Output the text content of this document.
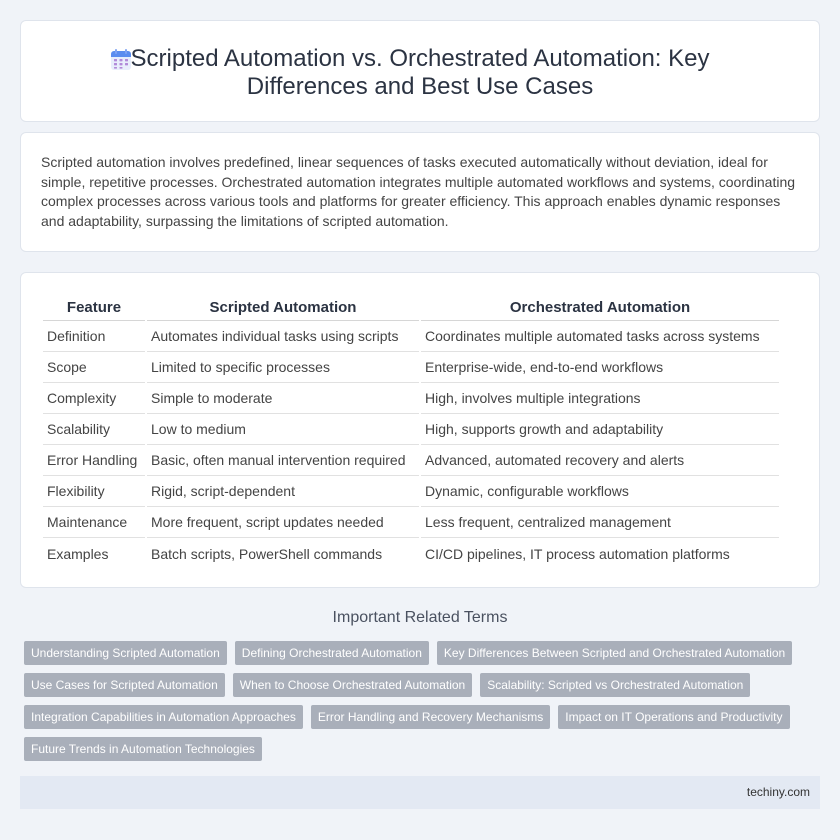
Scripted Automation vs. Orchestrated Automation: Key Differences and Best Use Cases

Scripted automation involves predefined, linear sequences of tasks executed automatically without deviation, ideal for simple, repetitive processes. Orchestrated automation integrates multiple automated workflows and systems, coordinating complex processes across various tools and platforms for greater efficiency. This approach enables dynamic responses and adaptability, surpassing the limitations of scripted automation.

Feature	Scripted Automation	Orchestrated Automation
Definition	Automates individual tasks using scripts	Coordinates multiple automated tasks across systems
Scope	Limited to specific processes	Enterprise-wide, end-to-end workflows
Complexity	Simple to moderate	High, involves multiple integrations
Scalability	Low to medium	High, supports growth and adaptability
Error Handling	Basic, often manual intervention required	Advanced, automated recovery and alerts
Flexibility	Rigid, script-dependent	Dynamic, configurable workflows
Maintenance	More frequent, script updates needed	Less frequent, centralized management
Examples	Batch scripts, PowerShell commands	CI/CD pipelines, IT process automation platforms
Important Related Terms
Understanding Scripted Automation	Defining Orchestrated Automation	Key Differences Between Scripted and Orchestrated Automation
Use Cases for Scripted Automation	When to Choose Orchestrated Automation	Scalability: Scripted vs Orchestrated Automation
Integration Capabilities in Automation Approaches	Error Handling and Recovery Mechanisms	Impact on IT Operations and Productivity
Future Trends in Automation Technologies
techiny.com
